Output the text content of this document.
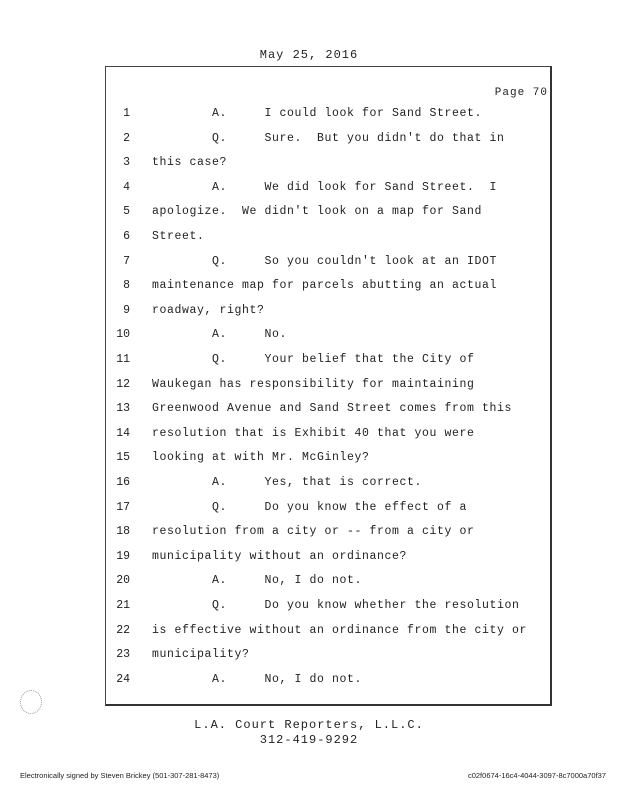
May 25, 2016
Page 70
1 A.     I could look for Sand Street.
2 Q.     Sure.  But you didn't do that in
3 this case?
4 A.     We did look for Sand Street.  I
5 apologize.  We didn't look on a map for Sand
6 Street.
7 Q.     So you couldn't look at an IDOT
8 maintenance map for parcels abutting an actual
9 roadway, right?
10 A.     No.
11 Q.     Your belief that the City of
12 Waukegan has responsibility for maintaining
13 Greenwood Avenue and Sand Street comes from this
14 resolution that is Exhibit 40 that you were
15 looking at with Mr. McGinley?
16 A.     Yes, that is correct.
17 Q.     Do you know the effect of a
18 resolution from a city or -- from a city or
19 municipality without an ordinance?
20 A.     No, I do not.
21 Q.     Do you know whether the resolution
22 is effective without an ordinance from the city or
23 municipality?
24 A.     No, I do not.
L.A. Court Reporters, L.L.C.
312-419-9292
Electronically signed by Steven Brickey (501-307-281-8473)	c02f0674-16c4-4044-3097-8c7000a70f37
